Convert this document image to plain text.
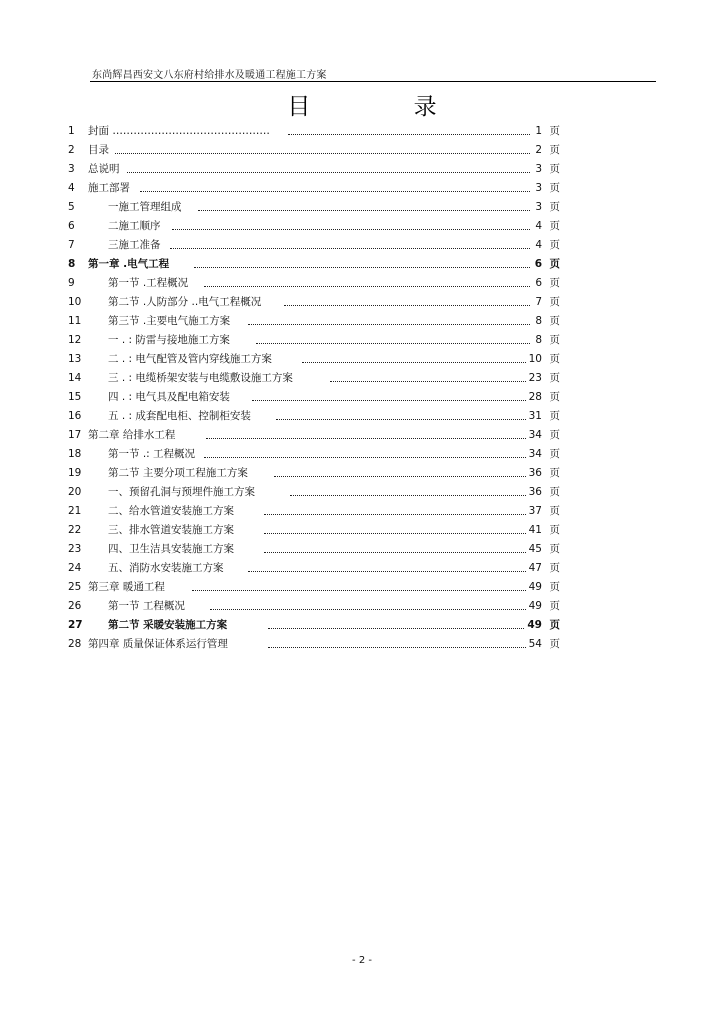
东尚辉昌西安文八东府村给排水及暖通工程施工方案
目 录
1 封面 ………………………………………	1 页
2 目录	2 页
3 总说明	3 页
4 施工部署	3 页
5	一施工管理组成	3 页
6	二施工顺序	4 页
7	三施工准备	4 页
8 第一章 .电气工程	6 页
9	第一节 .工程概况	6 页
10	第二节 .人防部分 ..电气工程概况	7 页
11	第三节 .主要电气施工方案	8 页
12	一 . : 防雷与接地施工方案	8 页
13	二 . : 电气配管及管内穿线施工方案	10 页
14	三 . : 电缆桥架安装与电缆敷设施工方案	23 页
15	四 . : 电气具及配电箱安装	28 页
16	五 . : 成套配电柜、控制柜安装	31 页
17 第二章 给排水工程	34 页
18	第一节 .: 工程概况	34 页
19	第二节 主要分项工程施工方案	36 页
20	一、预留孔洞与预埋件施工方案	36 页
21	二、给水管道安装施工方案	37 页
22	三、排水管道安装施工方案	41 页
23	四、卫生洁具安装施工方案	45 页
24	五、消防水安装施工方案	47 页
25 第三章 暖通工程	49 页
26	第一节 工程概况	49 页
27 第二节 采暖安装施工方案	49 页
28 第四章 质量保证体系运行管理	54 页
- 2 -
